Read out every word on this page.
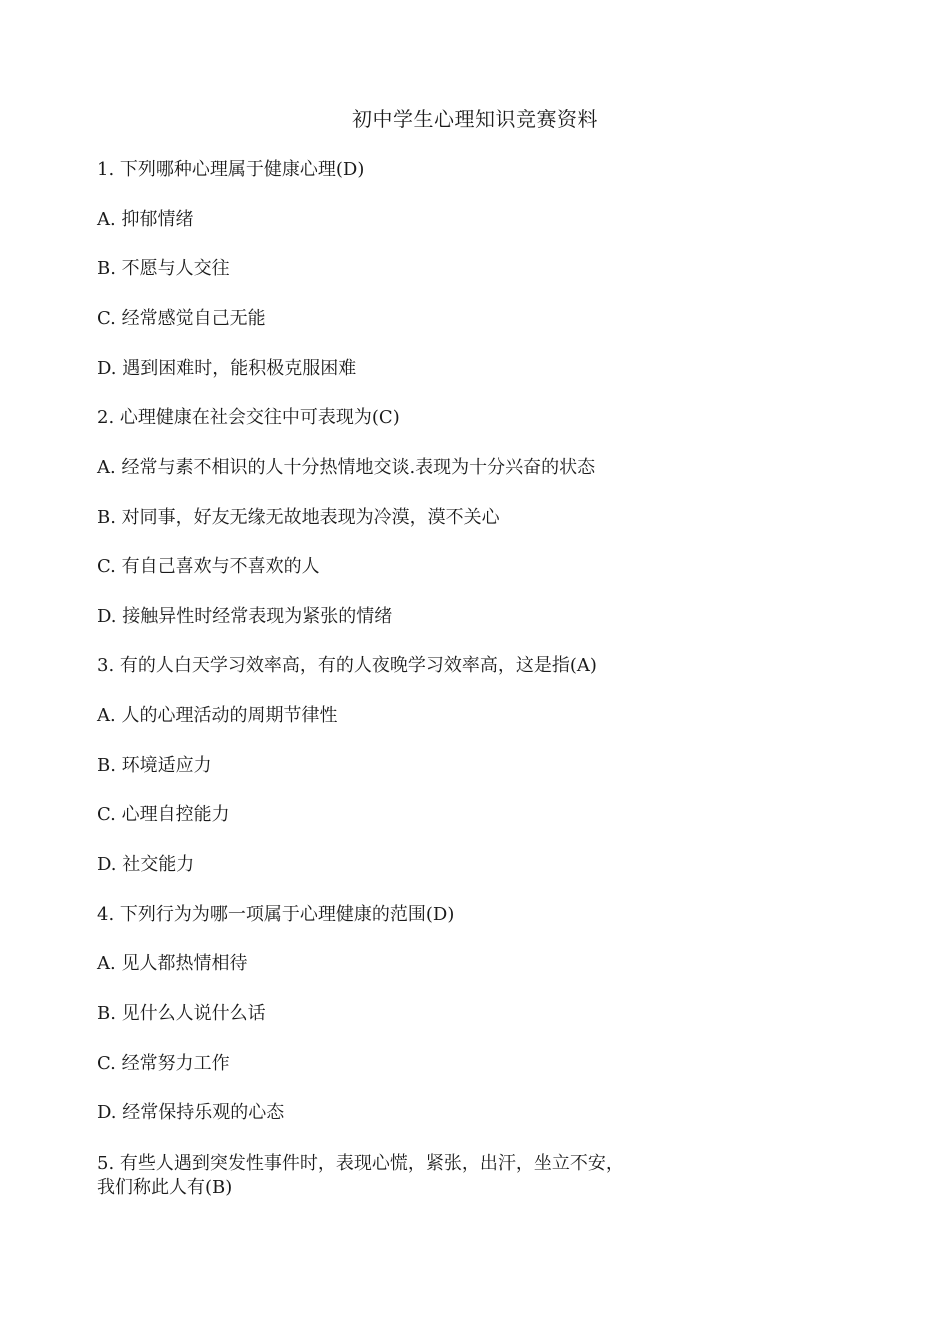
初中学生心理知识竞赛资料
1. 下列哪种心理属于健康心理(D)
A. 抑郁情绪
B. 不愿与人交往
C. 经常感觉自己无能
D. 遇到困难时，能积极克服困难
2. 心理健康在社会交往中可表现为(C)
A. 经常与素不相识的人十分热情地交谈.表现为十分兴奋的状态
B. 对同事，好友无缘无故地表现为冷漠，漠不关心
C. 有自己喜欢与不喜欢的人
D. 接触异性时经常表现为紧张的情绪
3. 有的人白天学习效率高，有的人夜晚学习效率高，这是指(A)
A. 人的心理活动的周期节律性
B. 环境适应力
C. 心理自控能力
D. 社交能力
4. 下列行为为哪一项属于心理健康的范围(D)
A. 见人都热情相待
B. 见什么人说什么话
C. 经常努力工作
D. 经常保持乐观的心态
5. 有些人遇到突发性事件时，表现心慌，紧张，出汗，坐立不安，
我们称此人有(B)
